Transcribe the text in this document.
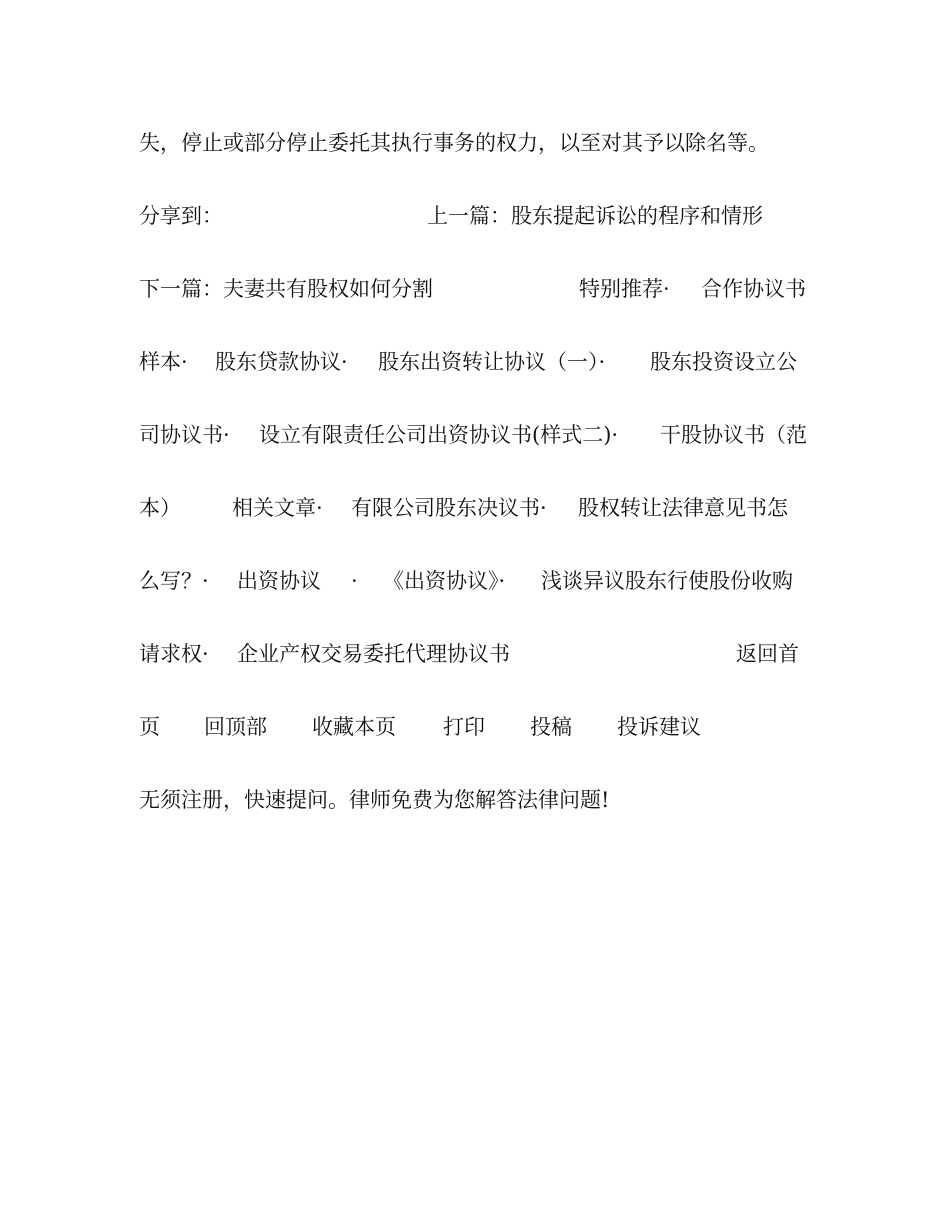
失，停止或部分停止委托其执行事务的权力，以至对其予以除名等。
分享到：	上一篇：股东提起诉讼的程序和情形
下一篇：夫妻共有股权如何分割	特别推荐· 合作协议书
样本· 股东贷款协议· 股东出资转让协议（一）· 股东投资设立公
司协议书· 设立有限责任公司出资协议书(样式二)· 干股协议书（范
本） 相关文章· 有限公司股东决议书· 股权转让法律意见书怎
么写？· 出资协议 · 《出资协议》· 浅谈异议股东行使股份收购
请求权· 企业产权交易委托代理协议书	返回首
页 回顶部 收藏本页 打印 投稿 投诉建议
无须注册，快速提问。律师免费为您解答法律问题!
